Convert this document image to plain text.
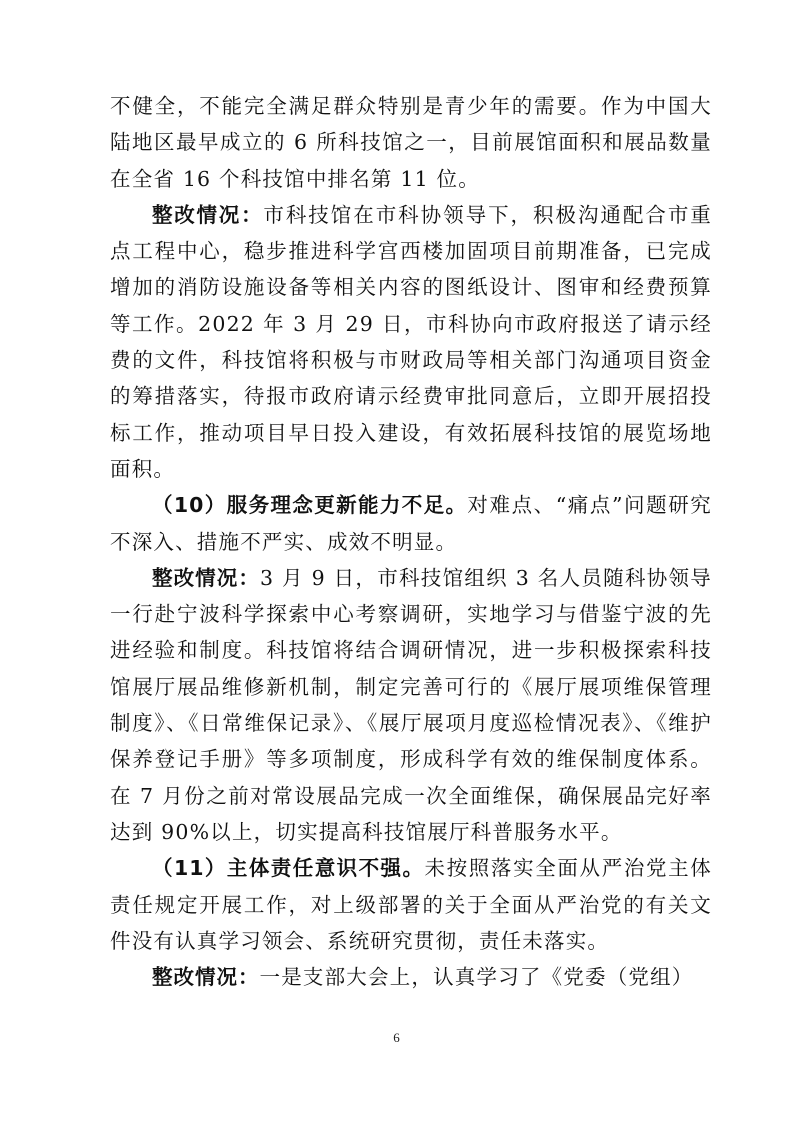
不健全，不能完全满足群众特别是青少年的需要。作为中国大陆地区最早成立的 6 所科技馆之一，目前展馆面积和展品数量在全省 16 个科技馆中排名第 11 位。

整改情况：市科技馆在市科协领导下，积极沟通配合市重点工程中心，稳步推进科学宫西楼加固项目前期准备，已完成增加的消防设施设备等相关内容的图纸设计、图审和经费预算等工作。2022 年 3 月 29 日，市科协向市政府报送了请示经费的文件，科技馆将积极与市财政局等相关部门沟通项目资金的筹措落实，待报市政府请示经费审批同意后，立即开展招投标工作，推动项目早日投入建设，有效拓展科技馆的展览场地面积。

（10）服务理念更新能力不足。对难点、“痛点”问题研究不深入、措施不严实、成效不明显。

整改情况：3 月 9 日，市科技馆组织 3 名人员随科协领导一行赴宁波科学探索中心考察调研，实地学习与借鉴宁波的先进经验和制度。科技馆将结合调研情况，进一步积极探索科技馆展厅展品维修新机制，制定完善可行的《展厅展项维保管理制度》、《日常维保记录》、《展厅展项月度巡检情况表》、《维护保养登记手册》等多项制度，形成科学有效的维保制度体系。在 7 月份之前对常设展品完成一次全面维保，确保展品完好率达到 90%以上，切实提高科技馆展厅科普服务水平。

（11）主体责任意识不强。未按照落实全面从严治党主体责任规定开展工作，对上级部署的关于全面从严治党的有关文件没有认真学习领会、系统研究贯彻，责任未落实。

整改情况：一是支部大会上，认真学习了《党委（党组）

6
